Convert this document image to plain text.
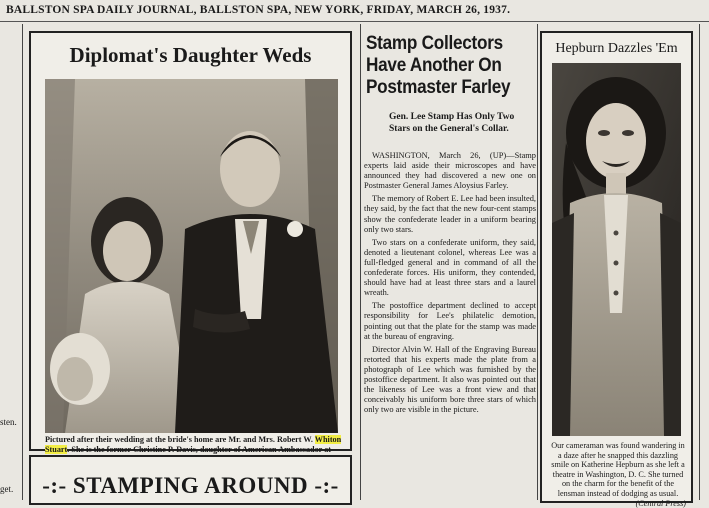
BALLSTON SPA DAILY JOURNAL, BALLSTON SPA, NEW YORK, FRIDAY, MARCH 26, 1937.
sten.
get.
Diplomat's Daughter Weds
Pictured after their wedding at the bride's home are Mr. and Mrs. Robert W. Whiton Stuart. She is the former Christine P. Davis, daughter of American Ambassador at
-:- STAMPING AROUND -:-
Stamp Collectors
Have Another On
Postmaster Farley
Gen. Lee Stamp Has Only Two Stars on the General's Collar.

WASHINGTON, March 26, (UP)—Stamp experts laid aside their microscopes and have announced they had discovered a new one on Postmaster General James Aloysius Farley.

The memory of Robert E. Lee had been insulted, they said, by the fact that the new four-cent stamps show the confederate leader in a uniform bearing only two stars.

Two stars on a confederate uniform, they said, denoted a lieutenant colonel, whereas Lee was a full-fledged general and in command of all the confederate forces. His uniform, they contended, should have had at least three stars and a laurel wreath.

The postoffice department declined to accept responsibility for Lee's philatelic demotion, pointing out that the plate for the stamp was made at the bureau of engraving.

Director Alvin W. Hall of the Engraving Bureau retorted that his experts made the plate from a photograph of Lee which was furnished by the postoffice department. It also was pointed out that the likeness of Lee was a front view and that conceivably his uniform bore three stars of which only two are visible in the picture.

Hepburn Dazzles 'Em
Our cameraman was found wandering in a daze after he snapped this dazzling smile on Katherine Hepburn as she left a theatre in Washington, D. C. She turned on the charm for the benefit of the lensman instead of dodging as usual.
(Central Press)
